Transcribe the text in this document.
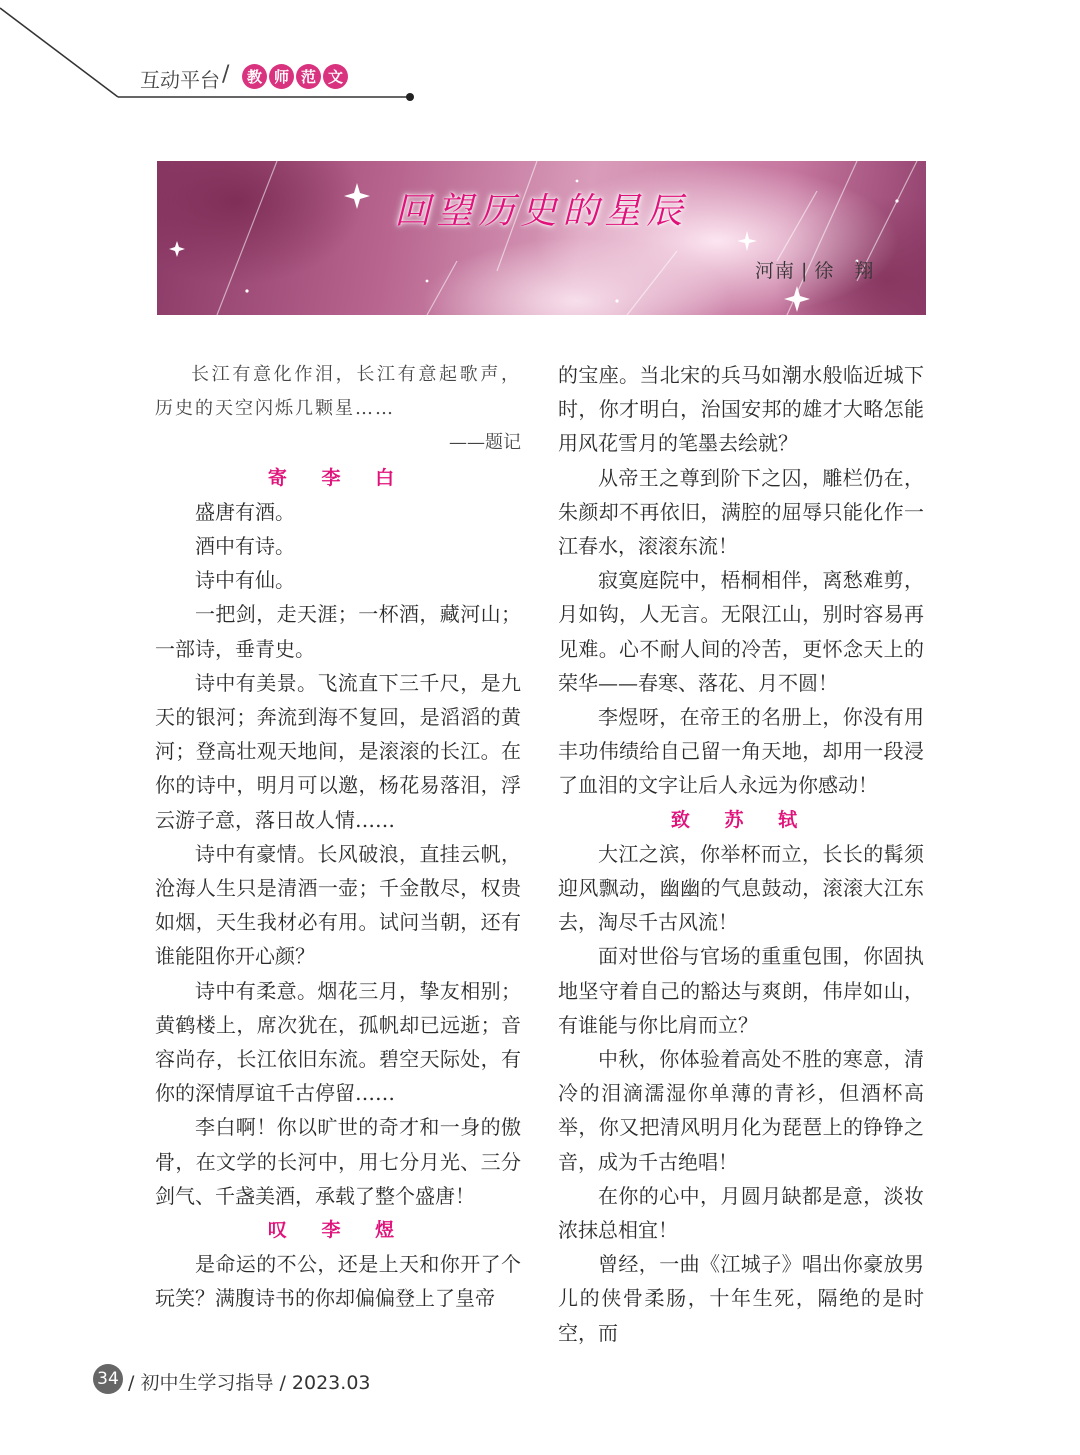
互动平台 /	教 师 范 文
回望历史的星辰
河南 | 徐　翔

长江有意化作泪，长江有意起歌声，历史的天空闪烁几颗星……

——题记

寄 李 白

盛唐有酒。

酒中有诗。

诗中有仙。

一把剑，走天涯；一杯酒，藏河山；一部诗，垂青史。

诗中有美景。飞流直下三千尺，是九天的银河；奔流到海不复回，是滔滔的黄河；登高壮观天地间，是滚滚的长江。在你的诗中，明月可以邀，杨花易落泪，浮云游子意，落日故人情……

诗中有豪情。长风破浪，直挂云帆，沧海人生只是清酒一壶；千金散尽，权贵如烟，天生我材必有用。试问当朝，还有谁能阻你开心颜？

诗中有柔意。烟花三月，挚友相别；黄鹤楼上，席次犹在，孤帆却已远逝；音容尚存，长江依旧东流。碧空天际处，有你的深情厚谊千古停留……

李白啊！你以旷世的奇才和一身的傲骨，在文学的长河中，用七分月光、三分剑气、千盏美酒，承载了整个盛唐！

叹 李 煜

是命运的不公，还是上天和你开了个玩笑？满腹诗书的你却偏偏登上了皇帝

的宝座。当北宋的兵马如潮水般临近城下时，你才明白，治国安邦的雄才大略怎能用风花雪月的笔墨去绘就？

从帝王之尊到阶下之囚，雕栏仍在，朱颜却不再依旧，满腔的屈辱只能化作一江春水，滚滚东流！

寂寞庭院中，梧桐相伴，离愁难剪，月如钩，人无言。无限江山，别时容易再见难。心不耐人间的冷苦，更怀念天上的荣华——春寒、落花、月不圆！

李煜呀，在帝王的名册上，你没有用丰功伟绩给自己留一角天地，却用一段浸了血泪的文字让后人永远为你感动！

致 苏 轼

大江之滨，你举杯而立，长长的髯须迎风飘动，幽幽的气息鼓动，滚滚大江东去，淘尽千古风流！

面对世俗与官场的重重包围，你固执地坚守着自己的豁达与爽朗，伟岸如山，有谁能与你比肩而立？

中秋，你体验着高处不胜的寒意，清冷的泪滴濡湿你单薄的青衫，但酒杯高举，你又把清风明月化为琵琶上的铮铮之音，成为千古绝唱！

在你的心中，月圆月缺都是意，淡妆浓抹总相宜！

曾经，一曲《江城子》唱出你豪放男儿的侠骨柔肠，十年生死，隔绝的是时空，而

34 / 初中生学习指导 / 2023.03
